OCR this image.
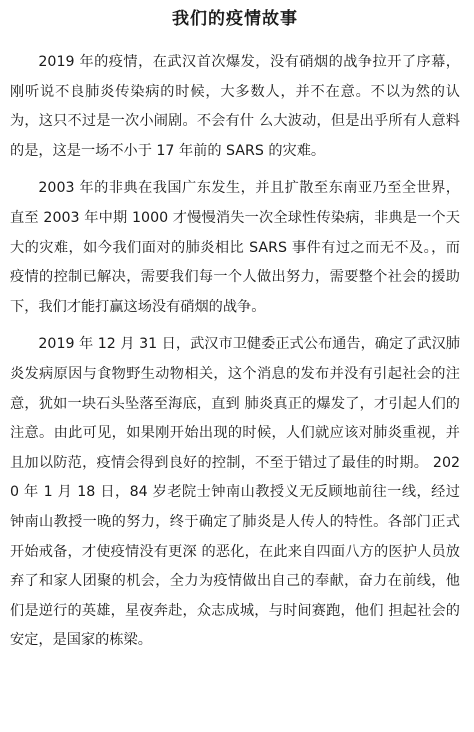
我们的疫情故事

2019 年的疫情，在武汉首次爆发，没有硝烟的战争拉开了序幕，刚听说不良肺炎传染病的时候，大多数人，并不在意。不以为然的认为，这只不过是一次小闹剧。不会有什 么大波动，但是出乎所有人意料的是，这是一场不小于 17 年前的 SARS 的灾难。

2003 年的非典在我国广东发生，并且扩散至东南亚乃至全世界，直至 2003 年中期 1000 才慢慢消失一次全球性传染病，非典是一个天大的灾难，如今我们面对的肺炎相比 SARS 事件有过之而无不及。，而疫情的控制已解决，需要我们每一个人做出努力，需要整个社会的援助下，我们才能打赢这场没有硝烟的战争。

2019 年 12 月 31 日，武汉市卫健委正式公布通告，确定了武汉肺炎发病原因与食物野生动物相关，这个消息的发布并没有引起社会的注意，犹如一块石头坠落至海底，直到 肺炎真正的爆发了，才引起人们的注意。由此可见，如果刚开始出现的时候，人们就应该对肺炎重视，并且加以防范，疫情会得到良好的控制，不至于错过了最佳的时期。 2020 年 1 月 18 日，84 岁老院士钟南山教授义无反顾地前往一线，经过钟南山教授一晚的努力，终于确定了肺炎是人传人的特性。各部门正式开始戒备，才使疫情没有更深 的恶化，在此来自四面八方的医护人员放弃了和家人团聚的机会，全力为疫情做出自己的奉献，奋力在前线，他们是逆行的英雄，星夜奔赴，众志成城，与时间赛跑，他们 担起社会的安定，是国家的栋梁。
